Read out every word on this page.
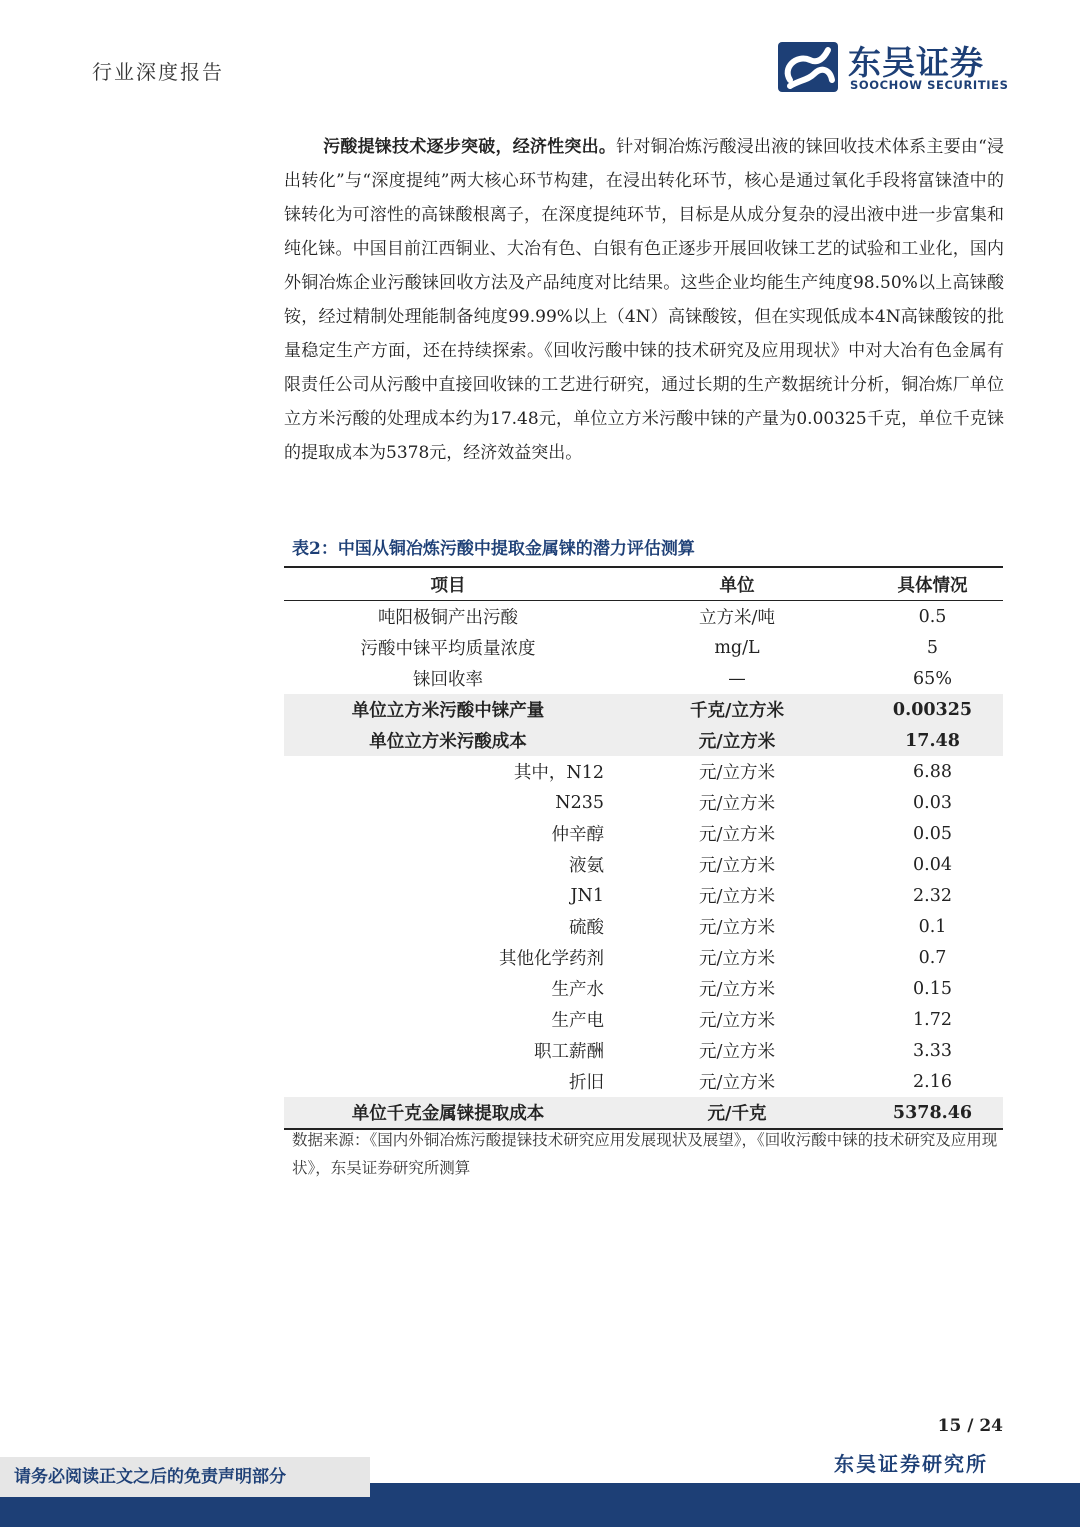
行业深度报告	东吴证券
SOOCHOW SECURITIES

污酸提铼技术逐步突破，经济性突出。针对铜冶炼污酸浸出液的铼回收技术体系主要由“浸出转化”与“深度提纯”两大核心环节构建，在浸出转化环节，核心是通过氧化手段将富铼渣中的铼转化为可溶性的高铼酸根离子，在深度提纯环节，目标是从成分复杂的浸出液中进一步富集和纯化铼。中国目前江西铜业、大冶有色、白银有色正逐步开展回收铼工艺的试验和工业化，国内外铜冶炼企业污酸铼回收方法及产品纯度对比结果。这些企业均能生产纯度98.50%以上高铼酸铵，经过精制处理能制备纯度99.99%以上（4N）高铼酸铵，但在实现低成本4N高铼酸铵的批量稳定生产方面，还在持续探索。《回收污酸中铼的技术研究及应用现状》中对大冶有色金属有限责任公司从污酸中直接回收铼的工艺进行研究，通过长期的生产数据统计分析，铜冶炼厂单位立方米污酸的处理成本约为17.48元，单位立方米污酸中铼的产量为0.00325千克，单位千克铼的提取成本为5378元，经济效益突出。

表2：中国从铜冶炼污酸中提取金属铼的潜力评估测算
项目	单位	具体情况
吨阳极铜产出污酸	立方米/吨	0.5
污酸中铼平均质量浓度	mg/L	5
铼回收率	—	65%
单位立方米污酸中铼产量	千克/立方米	0.00325
单位立方米污酸成本	元/立方米	17.48
其中，N12	元/立方米	6.88
N235	元/立方米	0.03
仲辛醇	元/立方米	0.05
液氨	元/立方米	0.04
JN1	元/立方米	2.32
硫酸	元/立方米	0.1
其他化学药剂	元/立方米	0.7
生产水	元/立方米	0.15
生产电	元/立方米	1.72
职工薪酬	元/立方米	3.33
折旧	元/立方米	2.16
单位千克金属铼提取成本	元/千克	5378.46
数据来源：《国内外铜冶炼污酸提铼技术研究应用发展现状及展望》，《回收污酸中铼的技术研究及应用现状》，东吴证券研究所测算
15 / 24
东吴证券研究所
请务必阅读正文之后的免责声明部分
